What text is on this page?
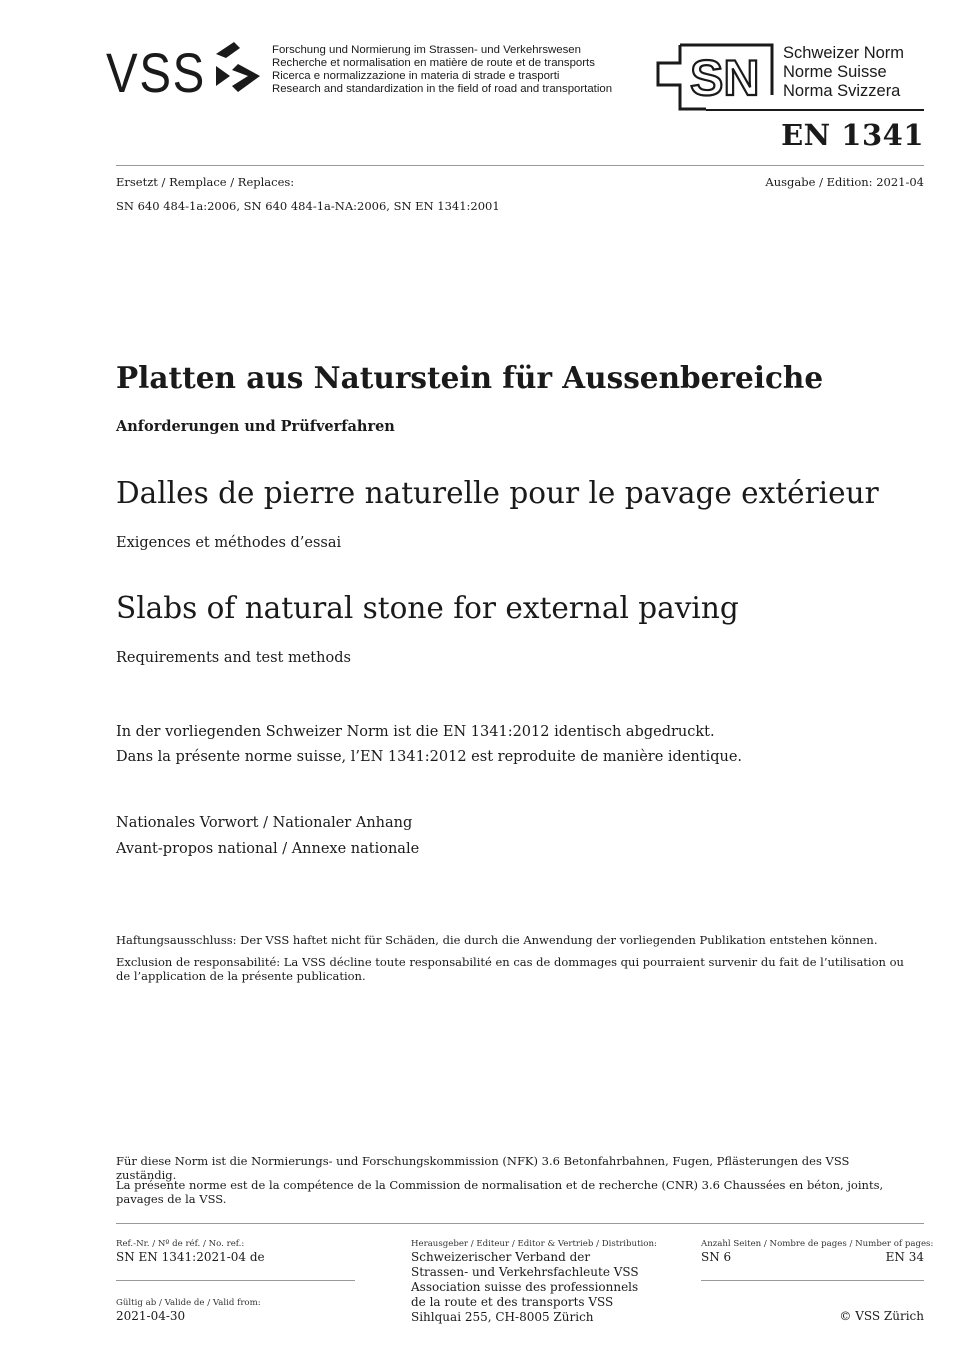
VSS	Forschung und Normierung im Strassen- und Verkehrswesen
Recherche et normalisation en matière de route et de transports
Ricerca e normalizzazione in materia di strade e trasporti
Research and standardization in the field of road and transportation SN Schweizer Norm
Norme Suisse
Norma Svizzera
EN 1341
Ersetzt / Remplace / Replaces:	Ausgabe / Edition: 2021-04
SN 640 484-1a:2006, SN 640 484-1a-NA:2006, SN EN 1341:2001
Platten aus Naturstein für Aussenbereiche
Anforderungen und Prüfverfahren
Dalles de pierre naturelle pour le pavage extérieur
Exigences et méthodes d’essai
Slabs of natural stone for external paving
Requirements and test methods
In der vorliegenden Schweizer Norm ist die EN 1341:2012 identisch abgedruckt.
Dans la présente norme suisse, l’EN 1341:2012 est reproduite de manière identique.
Nationales Vorwort / Nationaler Anhang
Avant-propos national / Annexe nationale
Haftungsausschluss: Der VSS haftet nicht für Schäden, die durch die Anwendung der vorliegenden Publikation entstehen können.
Exclusion de responsabilité: La VSS décline toute responsabilité en cas de dommages qui pourraient survenir du fait de l’utilisation ou de l’application de la présente publication.
Für diese Norm ist die Normierungs- und Forschungskommission (NFK) 3.6 Betonfahrbahnen, Fugen, Pflästerungen des VSS zuständig.
La présente norme est de la compétence de la Commission de normalisation et de recherche (CNR) 3.6 Chaussées en béton, joints, pavages de la VSS.
Ref.-Nr. / Nº de réf. / No. ref.:
SN EN 1341:2021-04 de
Gültig ab / Valide de / Valid from:
2021-04-30
Herausgeber / Editeur / Editor & Vertrieb / Distribution:
Schweizerischer Verband der
Strassen- und Verkehrsfachleute VSS
Association suisse des professionnels
de la route et des transports VSS
Sihlquai 255, CH-8005 Zürich
Anzahl Seiten / Nombre de pages / Number of pages:
SN 6	EN 34
© VSS Zürich
